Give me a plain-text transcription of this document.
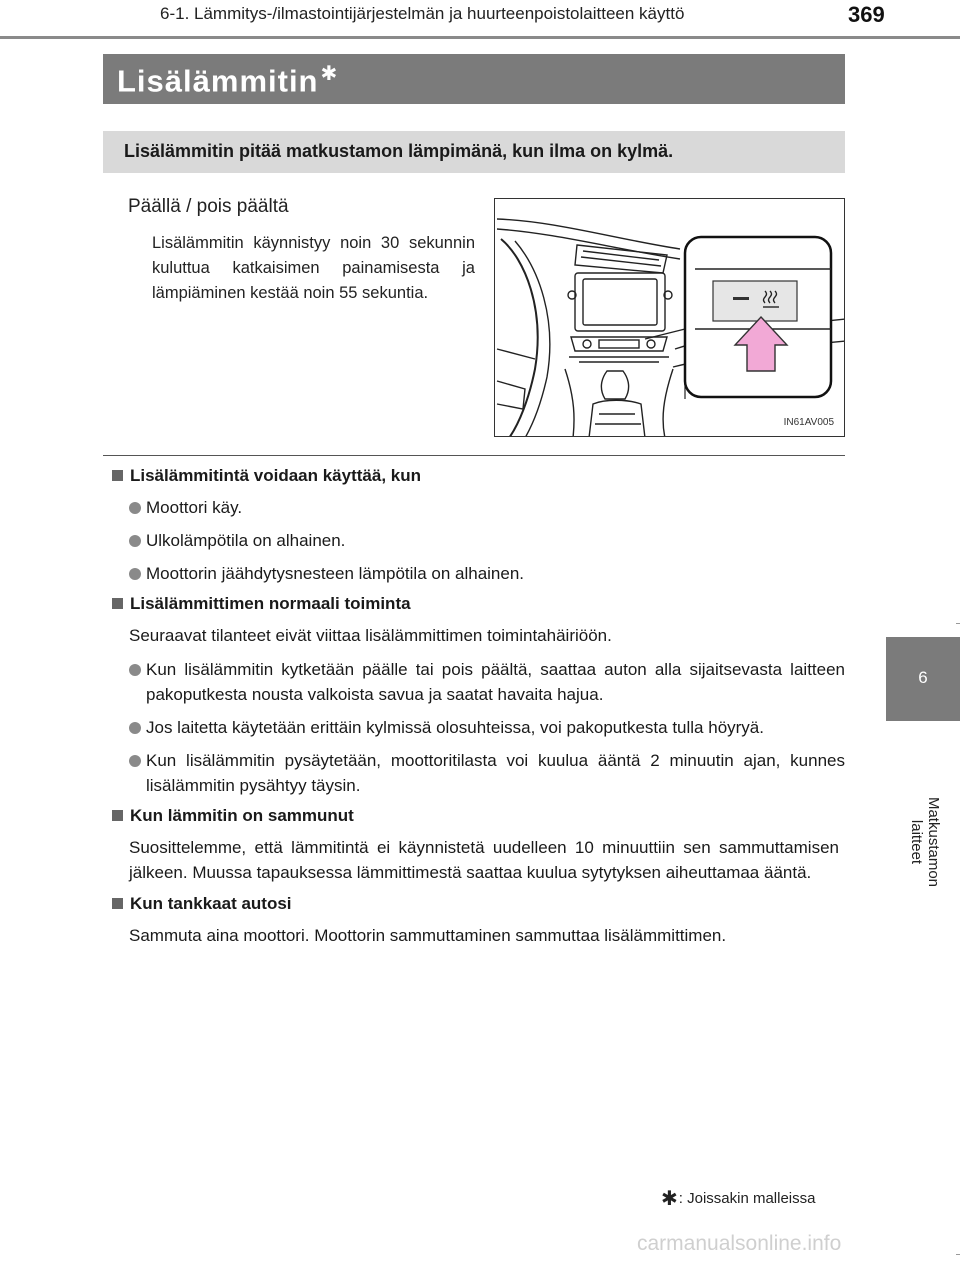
6-1. Lämmitys-/ilmastointijärjestelmän ja huurteenpoistolaitteen käyttö	369
Lisälämmitin ✱
Lisälämmitin pitää matkustamon lämpimänä, kun ilma on kylmä.
Päällä / pois päältä
Lisälämmitin käynnistyy noin 30 sekunnin kuluttua katkaisimen painamisesta ja lämpiäminen kestää noin 55 sekuntia.
IN61AV005
Lisälämmitintä voidaan käyttää, kun
Moottori käy.
Ulkolämpötila on alhainen.
Moottorin jäähdytysnesteen lämpötila on alhainen.
Lisälämmittimen normaali toiminta
Seuraavat tilanteet eivät viittaa lisälämmittimen toimintahäiriöön.
Kun lisälämmitin kytketään päälle tai pois päältä, saattaa auton alla sijaitsevasta laitteen pakoputkesta nousta valkoista savua ja saatat havaita hajua.
Jos laitetta käytetään erittäin kylmissä olosuhteissa, voi pakoputkesta tulla höyryä.
Kun lisälämmitin pysäytetään, moottoritilasta voi kuulua ääntä 2 minuutin ajan, kunnes lisälämmitin pysähtyy täysin.
Kun lämmitin on sammunut
Suosittelemme, että lämmitintä ei käynnistetä uudelleen 10 minuuttiin sen sammuttamisen jälkeen. Muussa tapauksessa lämmittimestä saattaa kuulua sytytyksen aiheuttamaa ääntä.
Kun tankkaat autosi
Sammuta aina moottori. Moottorin sammuttaminen sammuttaa lisälämmittimen.
6
Matkustamon laitteet
✱: Joissakin malleissa
carmanualsonline.info
